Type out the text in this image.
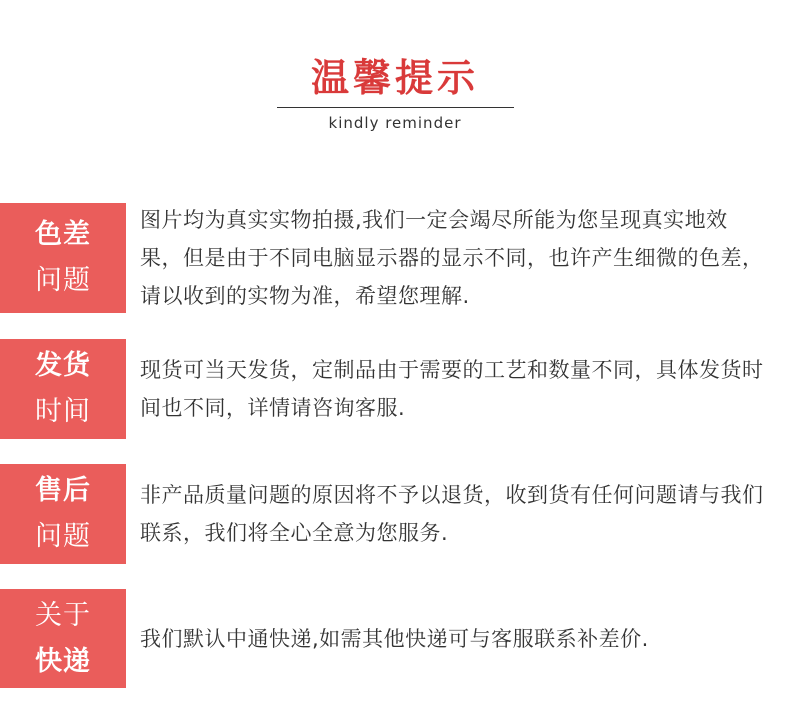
温馨提示
kindly reminder
色差
问题
图片均为真实实物拍摄,我们一定会竭尽所能为您呈现真实地效果，但是由于不同电脑显示器的显示不同，也许产生细微的色差，请以收到的实物为准，希望您理解.
发货
时间
现货可当天发货，定制品由于需要的工艺和数量不同，具体发货时间也不同，详情请咨询客服.
售后
问题
非产品质量问题的原因将不予以退货，收到货有任何问题请与我们联系，我们将全心全意为您服务.
关于
快递
我们默认中通快递,如需其他快递可与客服联系补差价.
